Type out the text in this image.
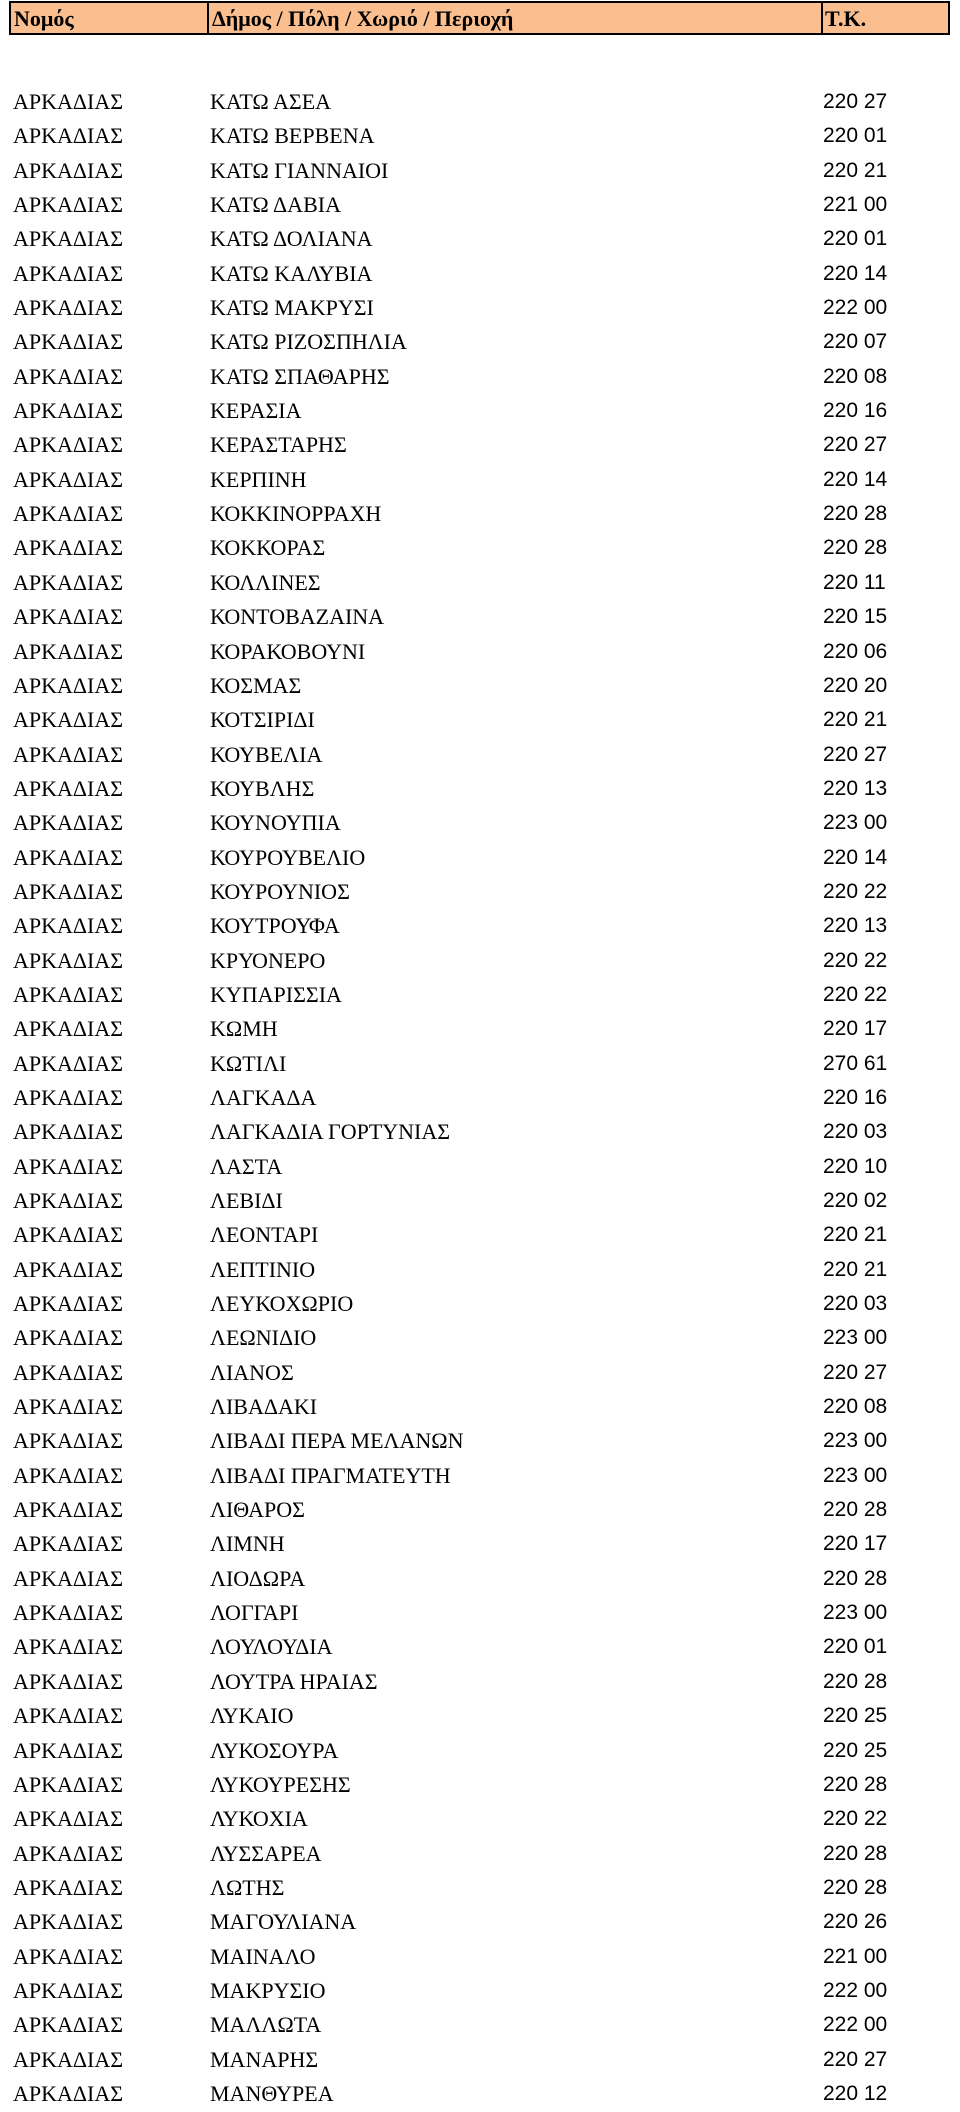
Νομός	Δήμος / Πόλη / Χωριό / Περιοχή	Τ.Κ.
ΑΡΚΑΔΙΑΣ	ΚΑΤΩ ΑΣΕΑ	220 27
ΑΡΚΑΔΙΑΣ	ΚΑΤΩ ΒΕΡΒΕΝΑ	220 01
ΑΡΚΑΔΙΑΣ	ΚΑΤΩ ΓΙΑΝΝΑΙΟΙ	220 21
ΑΡΚΑΔΙΑΣ	ΚΑΤΩ ΔΑΒΙΑ	221 00
ΑΡΚΑΔΙΑΣ	ΚΑΤΩ ΔΟΛΙΑΝΑ	220 01
ΑΡΚΑΔΙΑΣ	ΚΑΤΩ ΚΑΛΥΒΙΑ	220 14
ΑΡΚΑΔΙΑΣ	ΚΑΤΩ ΜΑΚΡΥΣΙ	222 00
ΑΡΚΑΔΙΑΣ	ΚΑΤΩ ΡΙΖΟΣΠΗΛΙΑ	220 07
ΑΡΚΑΔΙΑΣ	ΚΑΤΩ ΣΠΑΘΑΡΗΣ	220 08
ΑΡΚΑΔΙΑΣ	ΚΕΡΑΣΙΑ	220 16
ΑΡΚΑΔΙΑΣ	ΚΕΡΑΣΤΑΡΗΣ	220 27
ΑΡΚΑΔΙΑΣ	ΚΕΡΠΙΝΗ	220 14
ΑΡΚΑΔΙΑΣ	ΚΟΚΚΙΝΟΡΡΑΧΗ	220 28
ΑΡΚΑΔΙΑΣ	ΚΟΚΚΟΡΑΣ	220 28
ΑΡΚΑΔΙΑΣ	ΚΟΛΛΙΝΕΣ	220 11
ΑΡΚΑΔΙΑΣ	ΚΟΝΤΟΒΑΖΑΙΝΑ	220 15
ΑΡΚΑΔΙΑΣ	ΚΟΡΑΚΟΒΟΥΝΙ	220 06
ΑΡΚΑΔΙΑΣ	ΚΟΣΜΑΣ	220 20
ΑΡΚΑΔΙΑΣ	ΚΟΤΣΙΡΙΔΙ	220 21
ΑΡΚΑΔΙΑΣ	ΚΟΥΒΕΛΙΑ	220 27
ΑΡΚΑΔΙΑΣ	ΚΟΥΒΛΗΣ	220 13
ΑΡΚΑΔΙΑΣ	ΚΟΥΝΟΥΠΙΑ	223 00
ΑΡΚΑΔΙΑΣ	ΚΟΥΡΟΥΒΕΛΙΟ	220 14
ΑΡΚΑΔΙΑΣ	ΚΟΥΡΟΥΝΙΟΣ	220 22
ΑΡΚΑΔΙΑΣ	ΚΟΥΤΡΟΥΦΑ	220 13
ΑΡΚΑΔΙΑΣ	ΚΡΥΟΝΕΡΟ	220 22
ΑΡΚΑΔΙΑΣ	ΚΥΠΑΡΙΣΣΙΑ	220 22
ΑΡΚΑΔΙΑΣ	ΚΩΜΗ	220 17
ΑΡΚΑΔΙΑΣ	ΚΩΤΙΛΙ	270 61
ΑΡΚΑΔΙΑΣ	ΛΑΓΚΑΔΑ	220 16
ΑΡΚΑΔΙΑΣ	ΛΑΓΚΑΔΙΑ ΓΟΡΤΥΝΙΑΣ	220 03
ΑΡΚΑΔΙΑΣ	ΛΑΣΤΑ	220 10
ΑΡΚΑΔΙΑΣ	ΛΕΒΙΔΙ	220 02
ΑΡΚΑΔΙΑΣ	ΛΕΟΝΤΑΡΙ	220 21
ΑΡΚΑΔΙΑΣ	ΛΕΠΤΙΝΙΟ	220 21
ΑΡΚΑΔΙΑΣ	ΛΕΥΚΟΧΩΡΙΟ	220 03
ΑΡΚΑΔΙΑΣ	ΛΕΩΝΙΔΙΟ	223 00
ΑΡΚΑΔΙΑΣ	ΛΙΑΝΟΣ	220 27
ΑΡΚΑΔΙΑΣ	ΛΙΒΑΔΑΚΙ	220 08
ΑΡΚΑΔΙΑΣ	ΛΙΒΑΔΙ ΠΕΡΑ ΜΕΛΑΝΩΝ	223 00
ΑΡΚΑΔΙΑΣ	ΛΙΒΑΔΙ ΠΡΑΓΜΑΤΕΥΤΗ	223 00
ΑΡΚΑΔΙΑΣ	ΛΙΘΑΡΟΣ	220 28
ΑΡΚΑΔΙΑΣ	ΛΙΜΝΗ	220 17
ΑΡΚΑΔΙΑΣ	ΛΙΟΔΩΡΑ	220 28
ΑΡΚΑΔΙΑΣ	ΛΟΓΓΑΡΙ	223 00
ΑΡΚΑΔΙΑΣ	ΛΟΥΛΟΥΔΙΑ	220 01
ΑΡΚΑΔΙΑΣ	ΛΟΥΤΡΑ ΗΡΑΙΑΣ	220 28
ΑΡΚΑΔΙΑΣ	ΛΥΚΑΙΟ	220 25
ΑΡΚΑΔΙΑΣ	ΛΥΚΟΣΟΥΡΑ	220 25
ΑΡΚΑΔΙΑΣ	ΛΥΚΟΥΡΕΣΗΣ	220 28
ΑΡΚΑΔΙΑΣ	ΛΥΚΟΧΙΑ	220 22
ΑΡΚΑΔΙΑΣ	ΛΥΣΣΑΡΕΑ	220 28
ΑΡΚΑΔΙΑΣ	ΛΩΤΗΣ	220 28
ΑΡΚΑΔΙΑΣ	ΜΑΓΟΥΛΙΑΝΑ	220 26
ΑΡΚΑΔΙΑΣ	ΜΑΙΝΑΛΟ	221 00
ΑΡΚΑΔΙΑΣ	ΜΑΚΡΥΣΙΟ	222 00
ΑΡΚΑΔΙΑΣ	ΜΑΛΛΩΤΑ	222 00
ΑΡΚΑΔΙΑΣ	ΜΑΝΑΡΗΣ	220 27
ΑΡΚΑΔΙΑΣ	ΜΑΝΘΥΡΕΑ	220 12
